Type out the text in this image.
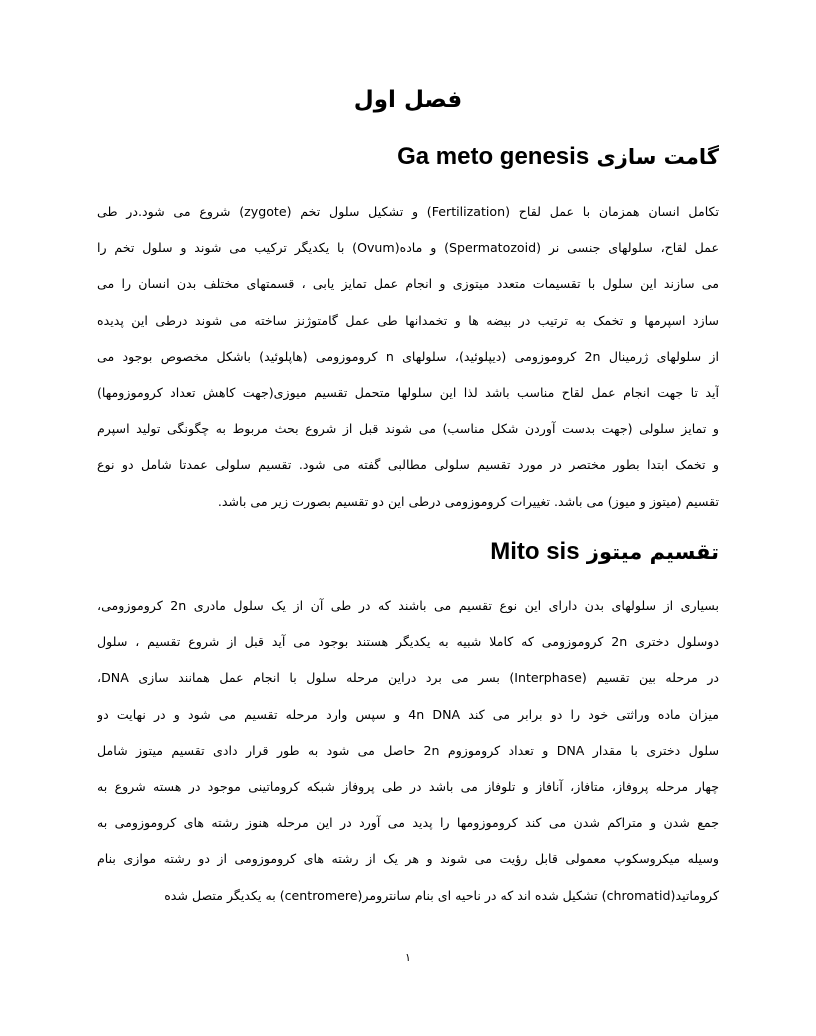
فصل اول
گامت سازی Ga meto genesis
تکامل انسان همزمان با عمل لقاح (Fertilization) و تشکیل سلول تخم (zygote) شروع می شود.در طی
عمل لقاح، سلولهای جنسی نر (Spermatozoid) و ماده(Ovum) با یکدیگر ترکیب می شوند و سلول تخم را
می سازند این سلول با تقسیمات متعدد میتوزی و انجام عمل تمایز یابی ، قسمتهای مختلف بدن انسان را می
سازد اسپرمها و تخمک به ترتیب در بیضه ها و تخمدانها طی عمل گامتوژنز ساخته می شوند درطی این پدیده
از سلولهای ژرمینال 2n کروموزومی (دیپلوئید)، سلولهای n کروموزومی (هاپلوئید) باشکل مخصوص بوجود می
آید تا جهت انجام عمل لقاح مناسب باشد لذا این سلولها متحمل تقسیم میوزی(جهت کاهش تعداد کروموزومها)
و تمایز سلولی (جهت بدست آوردن شکل مناسب) می شوند قبل از شروع بحث مربوط به چگونگی تولید اسپرم
و تخمک ابتدا بطور مختصر در مورد تقسیم سلولی مطالبی گفته می شود. تقسیم سلولی عمدتا شامل دو نوع
تقسیم (میتوز و میوز) می باشد. تغییرات کروموزومی درطی این دو تقسیم بصورت زیر می باشد.
تقسیم میتوز Mito sis
بسیاری از سلولهای بدن دارای این نوع تقسیم می باشند که در طی آن از یک سلول مادری 2n کروموزومی،
دوسلول دختری 2n کروموزومی که کاملا شبیه به یکدیگر هستند بوجود می آید قبل از شروع تقسیم ، سلول
در مرحله بین تقسیم (Interphase) بسر می برد دراین مرحله سلول با انجام عمل همانند سازی DNA،
میزان ماده وراثتی خود را دو برابر می کند 4n DNA و سپس وارد مرحله تقسیم می شود و در نهایت دو
سلول دختری با مقدار DNA و تعداد کروموزوم 2n حاصل می شود به طور قرار دادی تقسیم میتوز شامل
چهار مرحله پروفاز، متافاز، آنافاز و تلوفاز می باشد در طی پروفاز شبکه کروماتینی موجود در هسته شروع به
جمع شدن و متراکم شدن می کند کروموزومها را پدید می آورد در این مرحله هنوز رشته های کروموزومی به
وسیله میکروسکوپ معمولی قابل رؤیت می شوند و هر یک از رشته های کروموزومی از دو رشته موازی بنام
کروماتید(chromatid) تشکیل شده اند که در ناحیه ای بنام سانترومر(centromere) به یکدیگر متصل شده
۱
